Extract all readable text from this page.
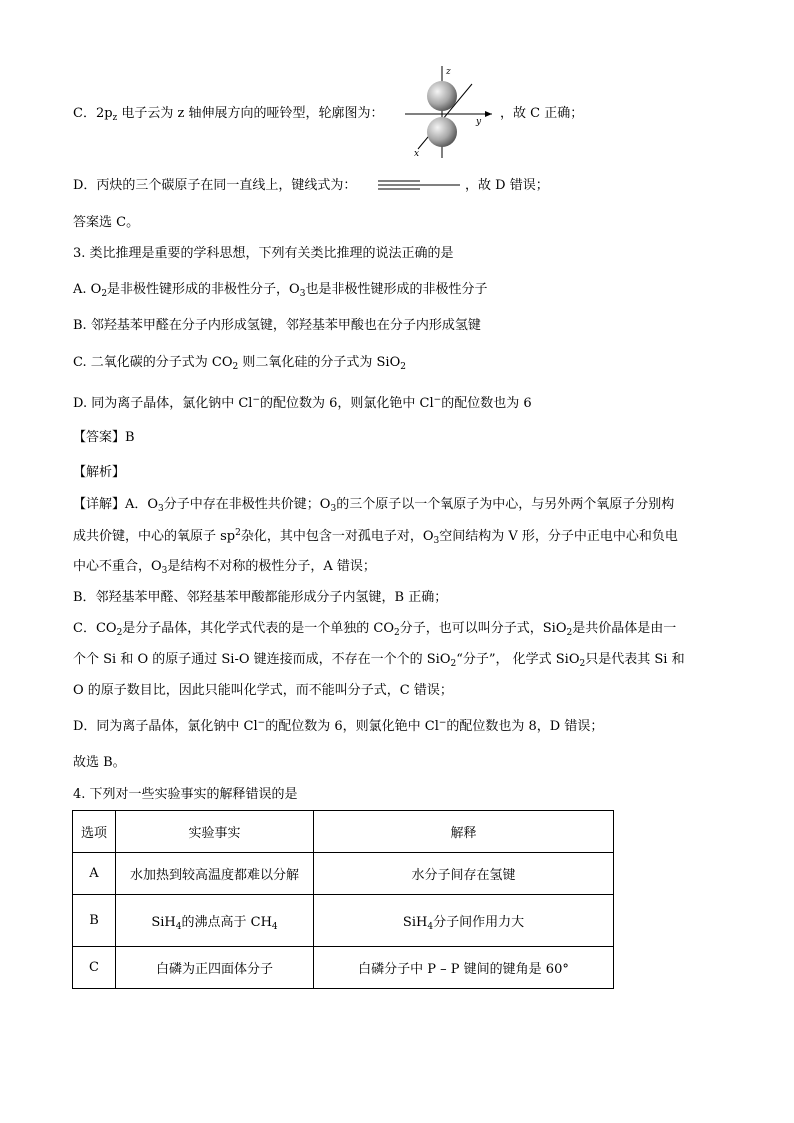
C．$2p_z$ 电子云为 z 轴伸展方向的哑铃型，轮廓图为：
z
y
x
，故 C 正确；
D．丙炔的三个碳原子在同一直线上，键线式为：	，故 D 错误；
答案选 C。
3. 类比推理是重要的学科思想，下列有关类比推理的说法正确的是
A. $O_2$是非极性键形成的非极性分子，$O_3$也是非极性键形成的非极性分子
B. 邻羟基苯甲醛在分子内形成氢键，邻羟基苯甲酸也在分子内形成氢键
C. 二氧化碳的分子式为 $CO_2$ 则二氧化硅的分子式为 SiO$_2$
D. 同为离子晶体，氯化钠中 Cl−的配位数为 6，则氯化铯中 Cl−的配位数也为 6
【答案】B
【解析】
【详解】A．$O_3$分子中存在非极性共价键；$O_3$的三个原子以一个氧原子为中心，与另外两个氧原子分别构
成共价键，中心的氧原子 $sp^2$杂化，其中包含一对孤电子对，$O_3$空间结构为 V 形，分子中正电中心和负电
中心不重合，$O_3$是结构不对称的极性分子，A 错误；
B．邻羟基苯甲醛、邻羟基苯甲酸都能形成分子内氢键，B 正确；
C．$CO_2$是分子晶体，其化学式代表的是一个单独的 $CO_2$分子，也可以叫分子式，SiO$_2$是共价晶体是由一
个个 Si 和 O 的原子通过 Si-O 键连接而成，不存在一个个的 SiO$_2$“分子”， 化学式 SiO$_2$只是代表其 Si 和
O 的原子数目比，因此只能叫化学式，而不能叫分子式，C 错误；
D．同为离子晶体，氯化钠中 Cl−的配位数为 6，则氯化铯中 Cl−的配位数也为 8，D 错误；
故选 B。
4. 下列对一些实验事实的解释错误的是
选项	实验事实	解释
A	水加热到较高温度都难以分解	水分子间存在氢键
B	SiH$_4$的沸点高于 $CH_4$	SiH$_4$分子间作用力大
C	白磷为正四面体分子	白磷分子中 P – P 键间的键角是 60°
